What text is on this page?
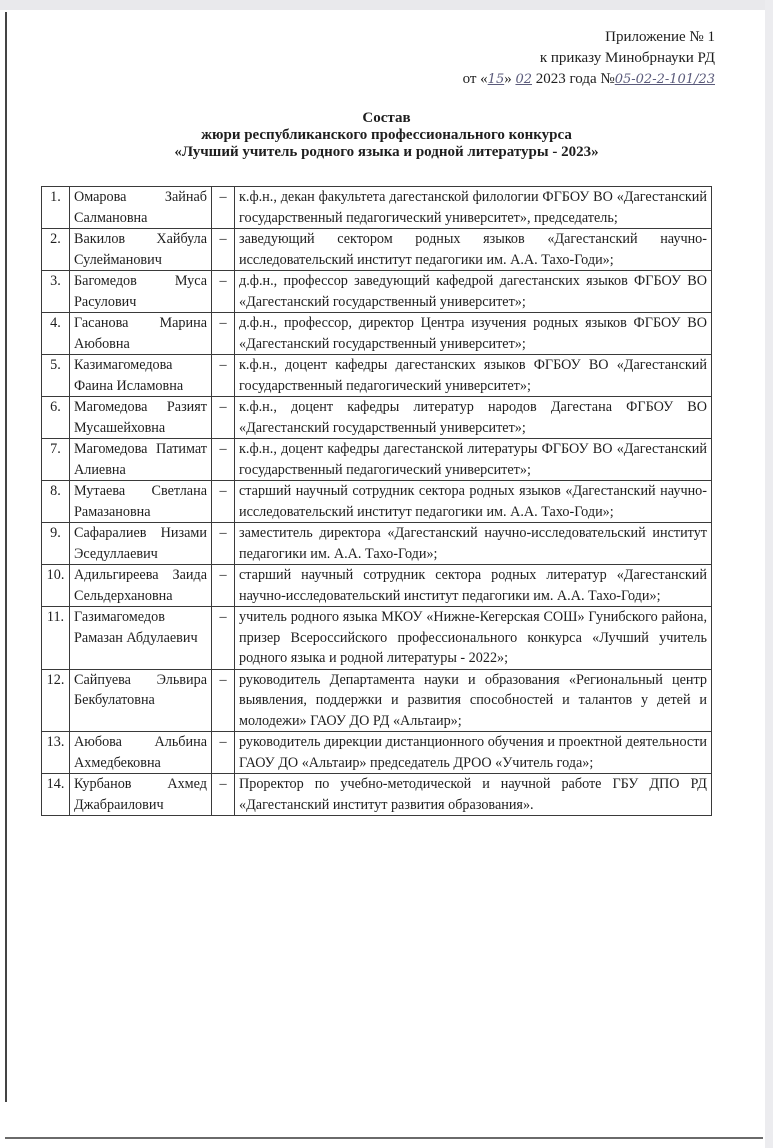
Приложение № 1
к приказу Минобрнауки РД
от «15» 02 2023 года №05-02-2-101/23
Состав
жюри республиканского профессионального конкурса
«Лучший учитель родного языка и родной литературы - 2023»
1.	Омарова Зайнаб Салмановна	–	к.ф.н., декан факультета дагестанской филологии ФГБОУ ВО «Дагестанский государственный педагогический университет», председатель;
2.	Вакилов Хайбула Сулейманович	–	заведующий сектором родных языков «Дагестанский научно-исследовательский институт педагогики им. А.А. Тахо-Годи»;
3.	Багомедов Муса Расулович	–	д.ф.н., профессор заведующий кафедрой дагестанских языков ФГБОУ ВО «Дагестанский государственный университет»;
4.	Гасанова Марина Аюбовна	–	д.ф.н., профессор, директор Центра изучения родных языков ФГБОУ ВО «Дагестанский государственный университет»;
5.	Казимагомедова Фаина Исламовна	–	к.ф.н., доцент кафедры дагестанских языков ФГБОУ ВО «Дагестанский государственный педагогический университет»;
6.	Магомедова Разият Мусашейховна	–	к.ф.н., доцент кафедры литератур народов Дагестана ФГБОУ ВО «Дагестанский государственный университет»;
7.	Магомедова Патимат Алиевна	–	к.ф.н., доцент кафедры дагестанской литературы ФГБОУ ВО «Дагестанский государственный педагогический университет»;
8.	Мутаева Светлана Рамазановна	–	старший научный сотрудник сектора родных языков «Дагестанский научно-исследовательский институт педагогики им. А.А. Тахо-Годи»;
9.	Сафаралиев Низами Эседуллаевич	–	заместитель директора «Дагестанский научно-исследовательский институт педагогики им. А.А. Тахо-Годи»;
10.	Адильгиреева Заида Сельдерхановна	–	старший научный сотрудник сектора родных литератур «Дагестанский научно-исследовательский институт педагогики им. А.А. Тахо-Годи»;
11.	Газимагомедов Рамазан Абдулаевич	–	учитель родного языка МКОУ «Нижне-Кегерская СОШ» Гунибского района, призер Всероссийского профессионального конкурса «Лучший учитель родного языка и родной литературы - 2022»;
12.	Сайпуева Эльвира Бекбулатовна	–	руководитель Департамента науки и образования «Региональный центр выявления, поддержки и развития способностей и талантов у детей и молодежи» ГАОУ ДО РД «Альтаир»;
13.	Аюбова Альбина Ахмедбековна	–	руководитель дирекции дистанционного обучения и проектной деятельности ГАОУ ДО «Альтаир» председатель ДРОО «Учитель года»;
14.	Курбанов Ахмед Джабраилович	–	Проректор по учебно-методической и научной работе ГБУ ДПО РД «Дагестанский институт развития образования».
